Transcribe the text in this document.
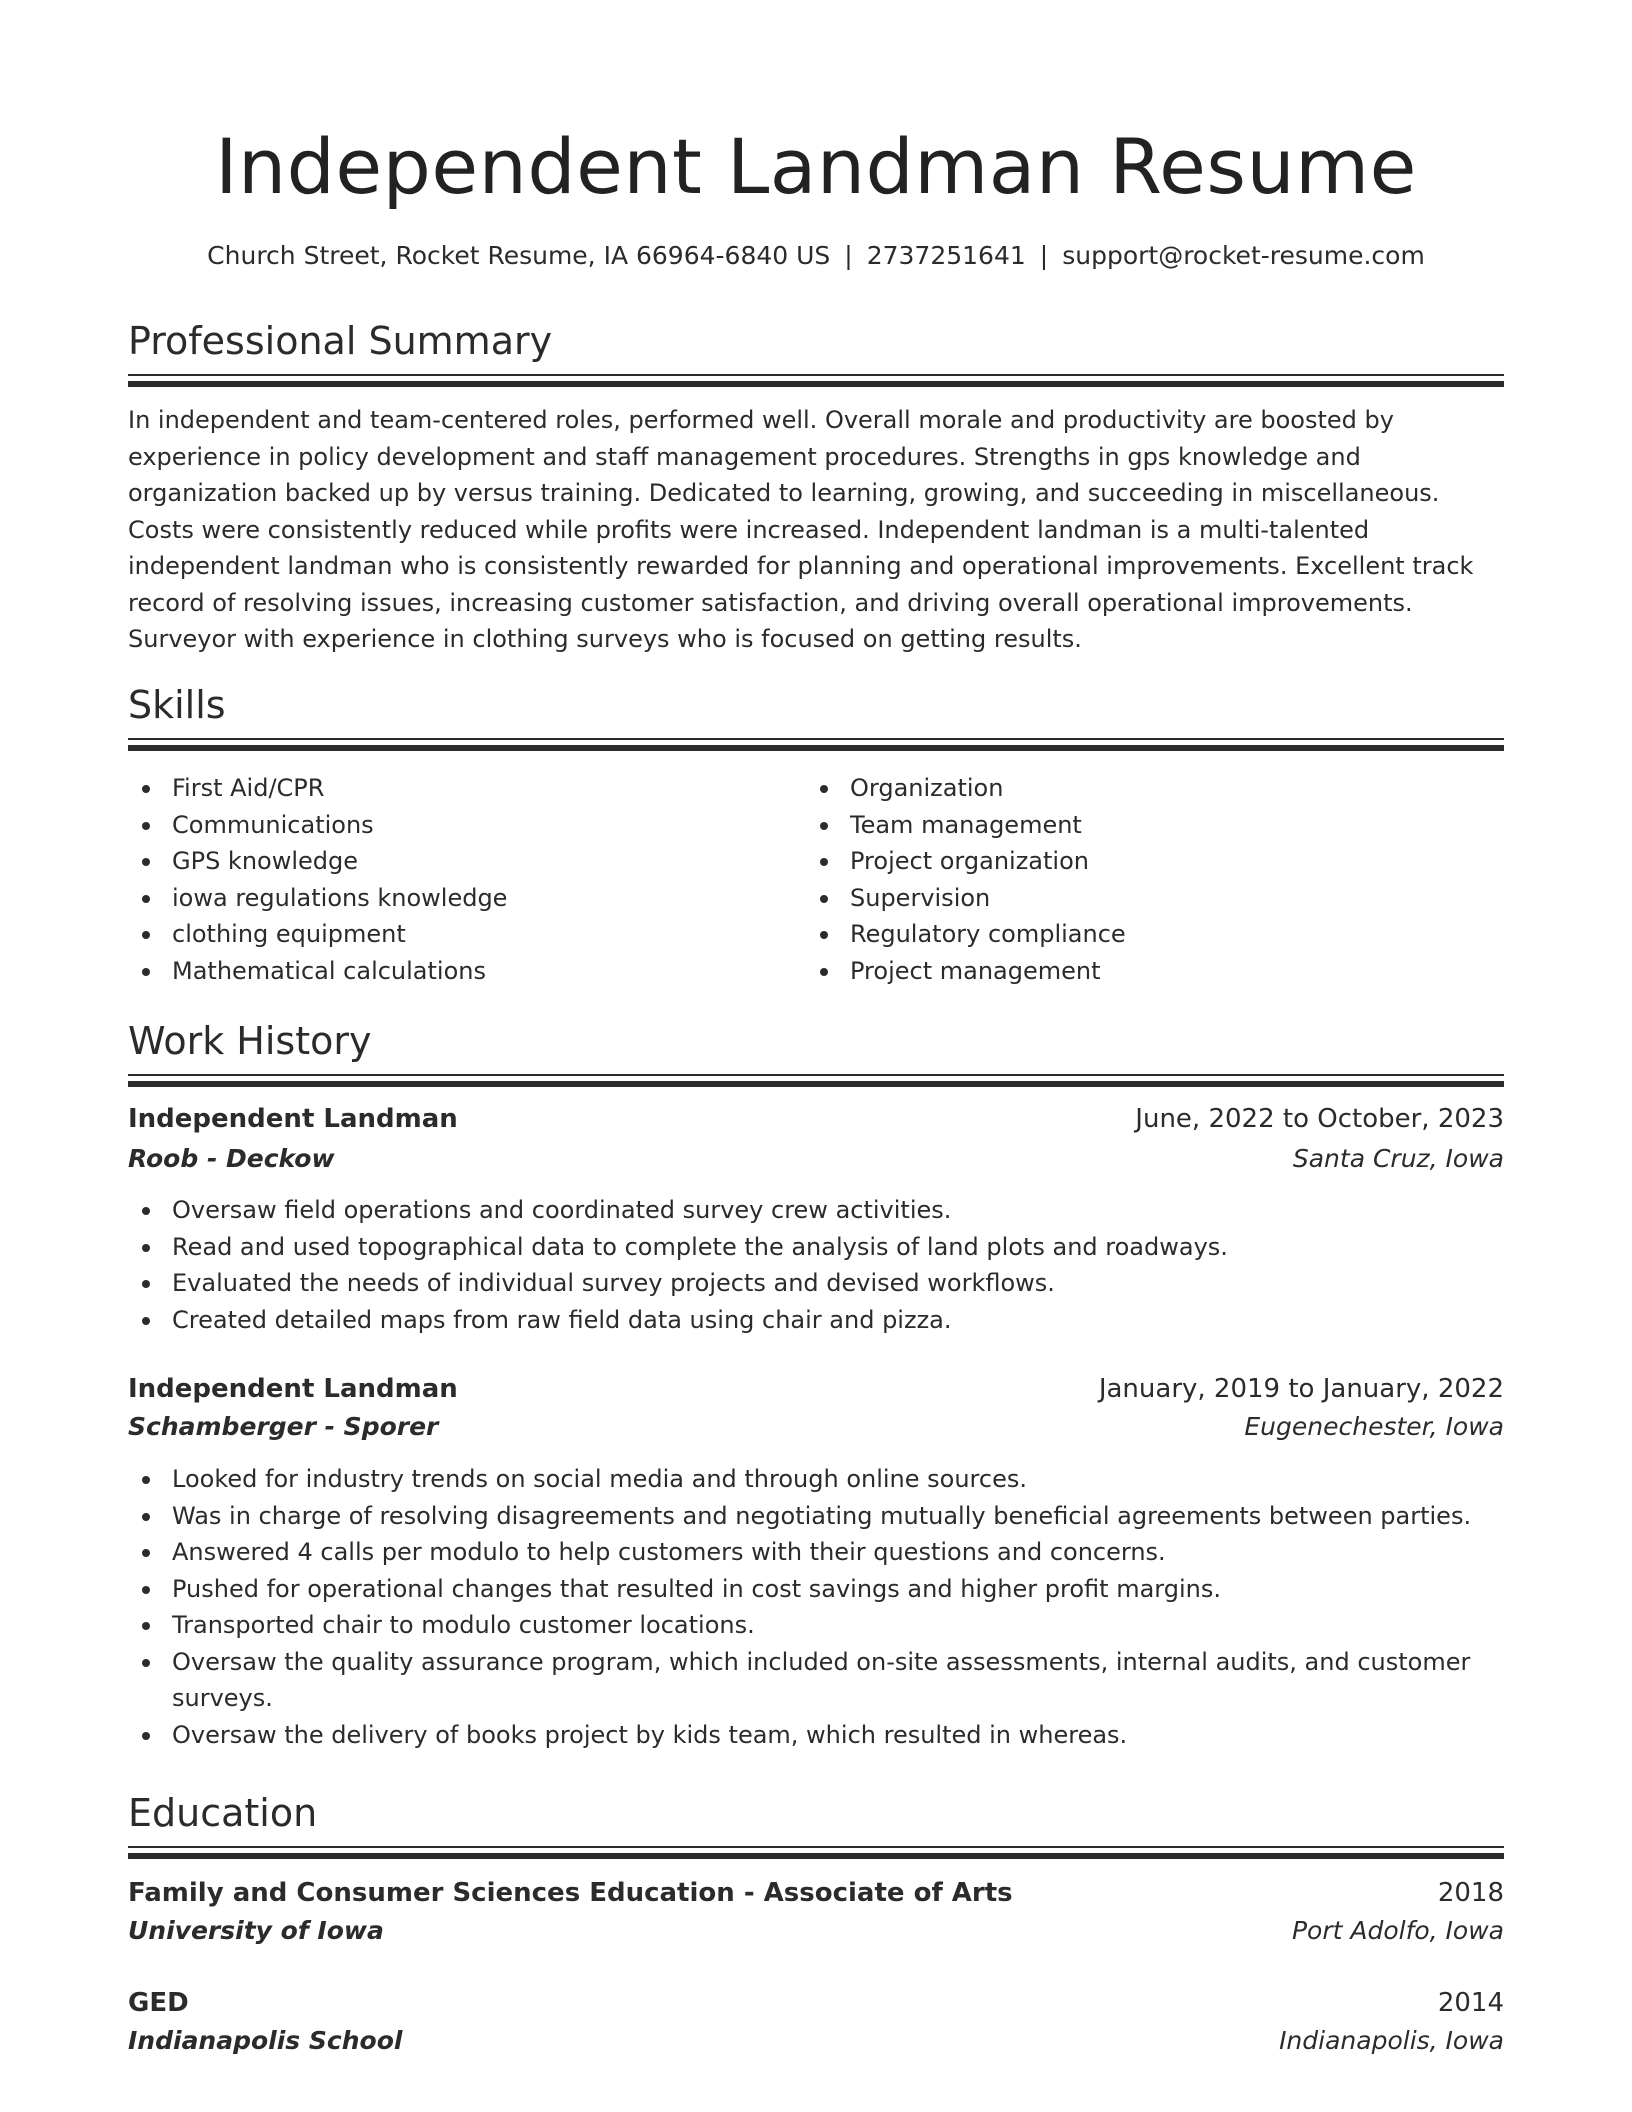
Independent Landman Resume
Church Street, Rocket Resume, IA 66964-6840 US | 2737251641 | support@rocket-resume.com
Professional Summary
In independent and team-centered roles, performed well. Overall morale and productivity are boosted by experience in policy development and staff management procedures. Strengths in gps knowledge and organization backed up by versus training. Dedicated to learning, growing, and succeeding in miscellaneous. Costs were consistently reduced while profits were increased. Independent landman is a multi-talented independent landman who is consistently rewarded for planning and operational improvements. Excellent track record of resolving issues, increasing customer satisfaction, and driving overall operational improvements. Surveyor with experience in clothing surveys who is focused on getting results.
Skills
First Aid/CPR
Communications
GPS knowledge
iowa regulations knowledge
clothing equipment
Mathematical calculations
Organization
Team management
Project organization
Supervision
Regulatory compliance
Project management
Work History
Independent Landman	June, 2022 to October, 2023
Roob - Deckow	Santa Cruz, Iowa
Oversaw field operations and coordinated survey crew activities.
Read and used topographical data to complete the analysis of land plots and roadways.
Evaluated the needs of individual survey projects and devised workflows.
Created detailed maps from raw field data using chair and pizza.
Independent Landman	January, 2019 to January, 2022
Schamberger - Sporer	Eugenechester, Iowa
Looked for industry trends on social media and through online sources.
Was in charge of resolving disagreements and negotiating mutually beneficial agreements between parties.
Answered 4 calls per modulo to help customers with their questions and concerns.
Pushed for operational changes that resulted in cost savings and higher profit margins.
Transported chair to modulo customer locations.
Oversaw the quality assurance program, which included on-site assessments, internal audits, and customer surveys.
Oversaw the delivery of books project by kids team, which resulted in whereas.
Education
Family and Consumer Sciences Education - Associate of Arts	2018
University of Iowa	Port Adolfo, Iowa
GED	2014
Indianapolis School	Indianapolis, Iowa
